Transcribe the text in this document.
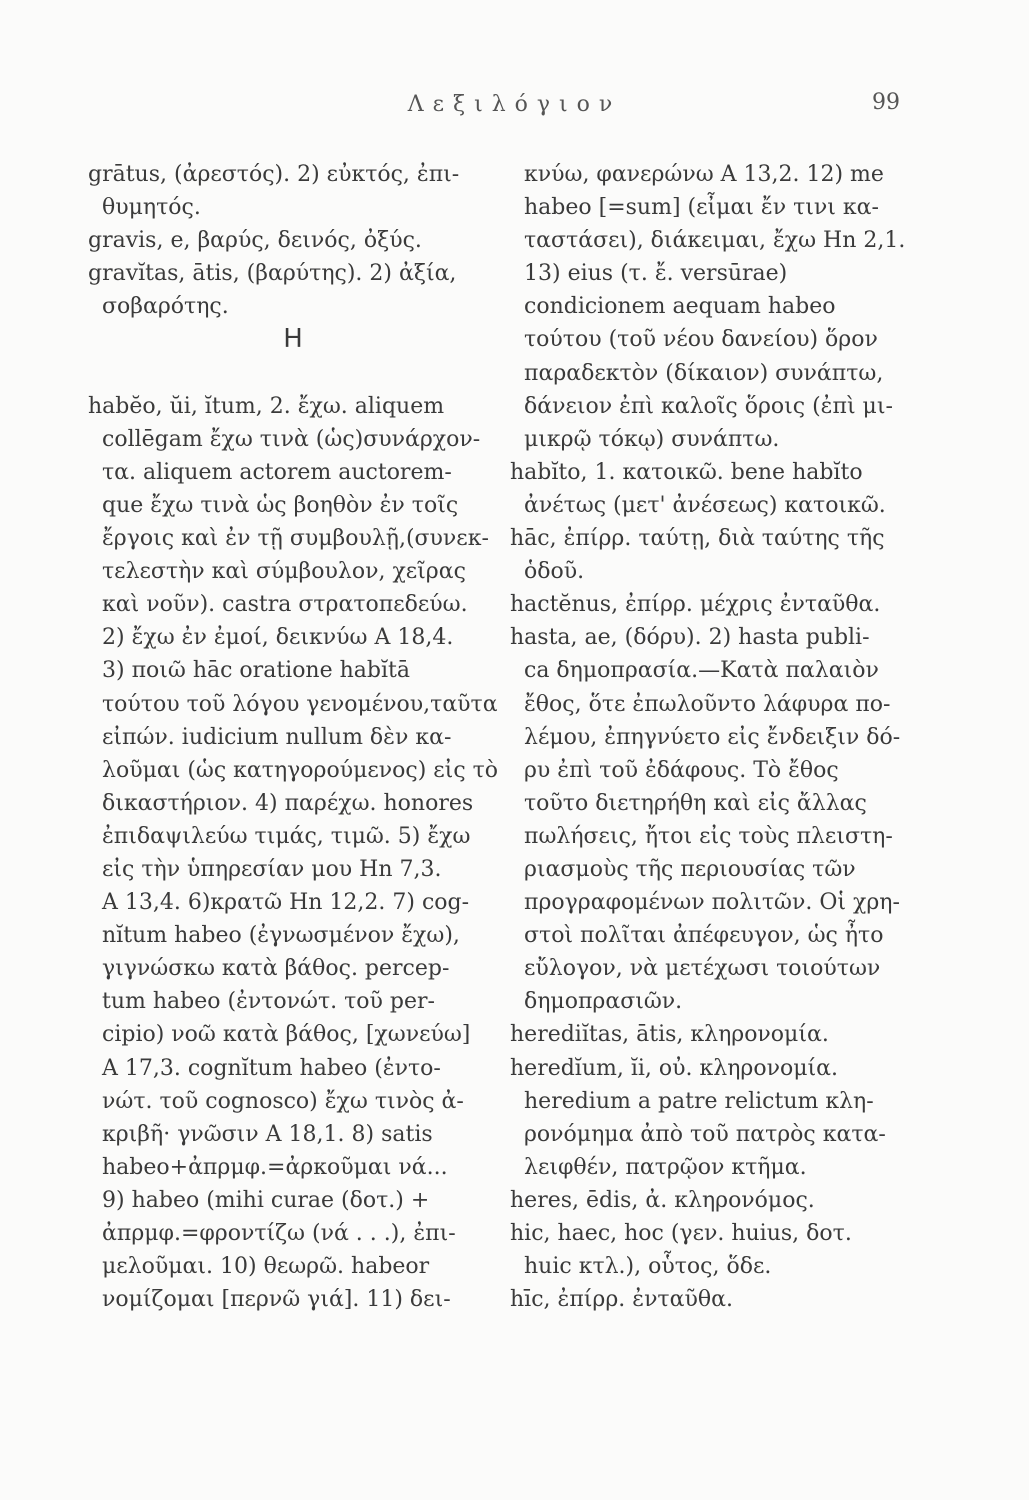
Λεξιλόγιον	99
grātus, (ἀρεστός). 2) εὐκτός, ἐπι-
θυμητός.
gravis, e, βαρύς, δεινός, ὀξύς.
gravĭtas, ātis, (βαρύτης). 2) ἀξία,
σοβαρότης.
Η
habĕo, ŭi, ĭtum, 2. ἔχω. aliquem
collēgam ἔχω τινὰ (ὡς)συνάρχον-
τα. aliquem actorem auctorem-
que ἔχω τινὰ ὡς βοηθὸν ἐν τοῖς
ἔργοις καὶ ἐν τῇ συμβουλῇ,(συνεκ-
τελεστὴν καὶ σύμβουλον, χεῖρας
καὶ νοῦν). castra στρατοπεδεύω.
2) ἔχω ἐν ἐμοί, δεικνύω Α 18,4.
3) ποιῶ hāc oratione habĭtā
τούτου τοῦ λόγου γενομένου,ταῦτα
εἰπών. iudicium nullum δὲν κα-
λοῦμαι (ὡς κατηγορούμενος) εἰς τὸ
δικαστήριον. 4) παρέχω. honores
ἐπιδαψιλεύω τιμάς, τιμῶ. 5) ἔχω
εἰς τὴν ὑπηρεσίαν μου Ηn 7,3.
Α 13,4. 6)κρατῶ Ηn 12,2. 7) cog-
nĭtum habeo (ἐγνωσμένον ἔχω),
γιγνώσκω κατὰ βάθος. percep-
tum habeo (ἐντονώτ. τοῦ per-
cipio) νοῶ κατὰ βάθος, [χωνεύω]
Α 17,3. cognĭtum habeo (ἐντο-
νώτ. τοῦ cognosco) ἔχω τινὸς ἀ-
κριβῆ· γνῶσιν Α 18,1. 8) satis
habeo+ἀπρμφ.=ἀρκοῦμαι νά...
9) habeo (mihi curae (δοτ.) +
ἀπρμφ.=φροντίζω (νά . . .), ἐπι-
μελοῦμαι. 10) θεωρῶ. habeor
νομίζομαι [περνῶ γιά]. 11) δει-
κνύω, φανερώνω Α 13,2. 12) me
habeo [=sum] (εἶμαι ἔν τινι κα-
ταστάσει), διάκειμαι, ἔχω Ηn 2,1.
13) eius (τ. ἔ. versūrae)
condicionem aequam habeo
τούτου (τοῦ νέου δανείου) ὅρον
παραδεκτὸν (δίκαιον) συνάπτω,
δάνειον ἐπὶ καλοῖς ὅροις (ἐπὶ μι-
μικρῷ τόκῳ) συνάπτω.
habĭto, 1. κατοικῶ. bene habĭto
ἀνέτως (μετ' ἀνέσεως) κατοικῶ.
hāc, ἐπίρρ. ταύτῃ, διὰ ταύτης τῆς
ὁδοῦ.
hactĕnus, ἐπίρρ. μέχρις ἐνταῦθα.
hasta, ae, (δόρυ). 2) hasta publi-
ca δημοπρασία.—Κατὰ παλαιὸν
ἔθος, ὅτε ἐπωλοῦντο λάφυρα πο-
λέμου, ἐπηγνύετο εἰς ἔνδειξιν δό-
ρυ ἐπὶ τοῦ ἐδάφους. Τὸ ἔθος
τοῦτο διετηρήθη καὶ εἰς ἄλλας
πωλήσεις, ἤτοι εἰς τοὺς πλειστη-
ριασμοὺς τῆς περιουσίας τῶν
προγραφομένων πολιτῶν. Οἱ χρη-
στοὶ πολῖται ἀπέφευγον, ὡς ἦτο
εὔλογον, νὰ μετέχωσι τοιούτων
δημοπρασιῶν.
herediĭtas, ātis, κληρονομία.
heredĭum, ĭi, οὐ. κληρονομία.
heredium a patre relictum κλη-
ρονόμημα ἀπὸ τοῦ πατρὸς κατα-
λειφθέν, πατρῷον κτῆμα.
heres, ēdis, ἀ. κληρονόμος.
hic, haec, hoc (γεν. huius, δοτ.
huic κτλ.), οὗτος, ὅδε.
hīc, ἐπίρρ. ἐνταῦθα.
